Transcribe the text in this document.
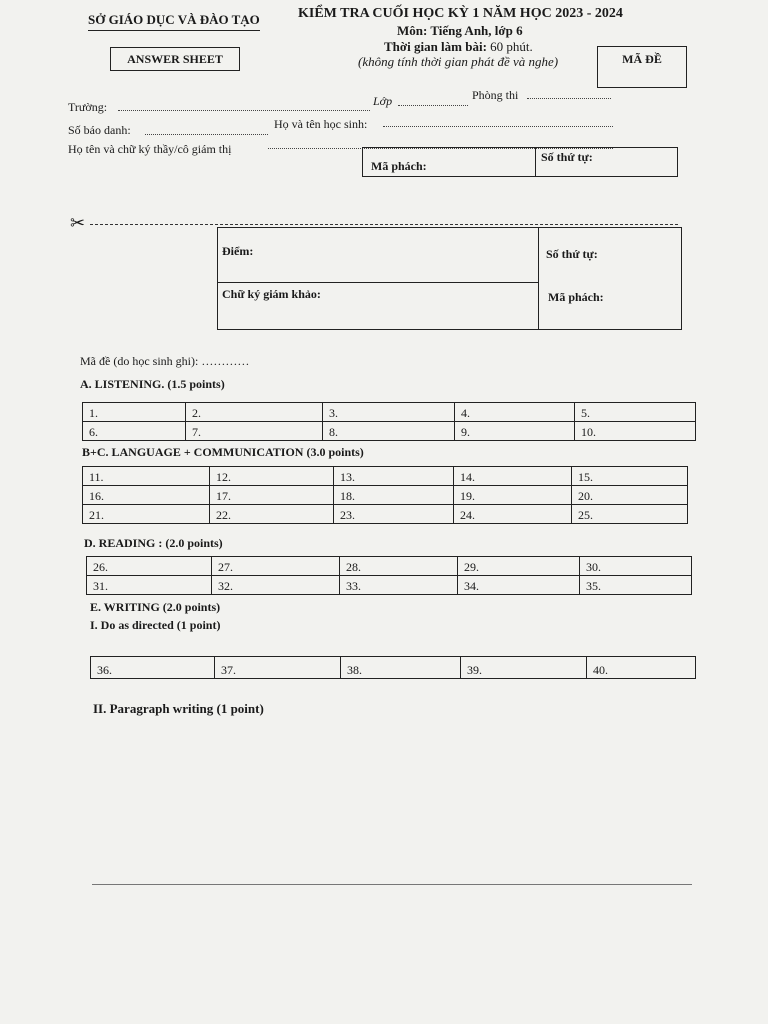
SỞ GIÁO DỤC VÀ ĐÀO TẠO	KIỂM TRA CUỐI HỌC KỲ 1 NĂM HỌC 2023 - 2024
Môn: Tiếng Anh, lớp 6
Thời gian làm bài: 60 phút.
(không tính thời gian phát đề và nghe)
ANSWER SHEET	MÃ ĐỀ
Trường:	Lớp	Phòng thi
Số báo danh:	Họ và tên học sinh:
Họ tên và chữ ký thầy/cô giám thị
Mã phách:
Số thứ tự:
✂
Điểm:	Số thứ tự:
Chữ ký giám khảo:	Mã phách:
Mã đề (do học sinh ghi): …………
A. LISTENING. (1.5 points)
1.	2.	3.	4.	5.
6.	7.	8.	9.	10.
B+C. LANGUAGE + COMMUNICATION (3.0 points)
11.	12.	13.	14.	15.
16.	17.	18.	19.	20.
21.	22.	23.	24.	25.
D. READING : (2.0 points)
26.	27.	28.	29.	30.
31.	32.	33.	34.	35.
E. WRITING (2.0 points)
I. Do as directed (1 point)
36.	37.	38.	39.	40.
II. Paragraph writing (1 point)
